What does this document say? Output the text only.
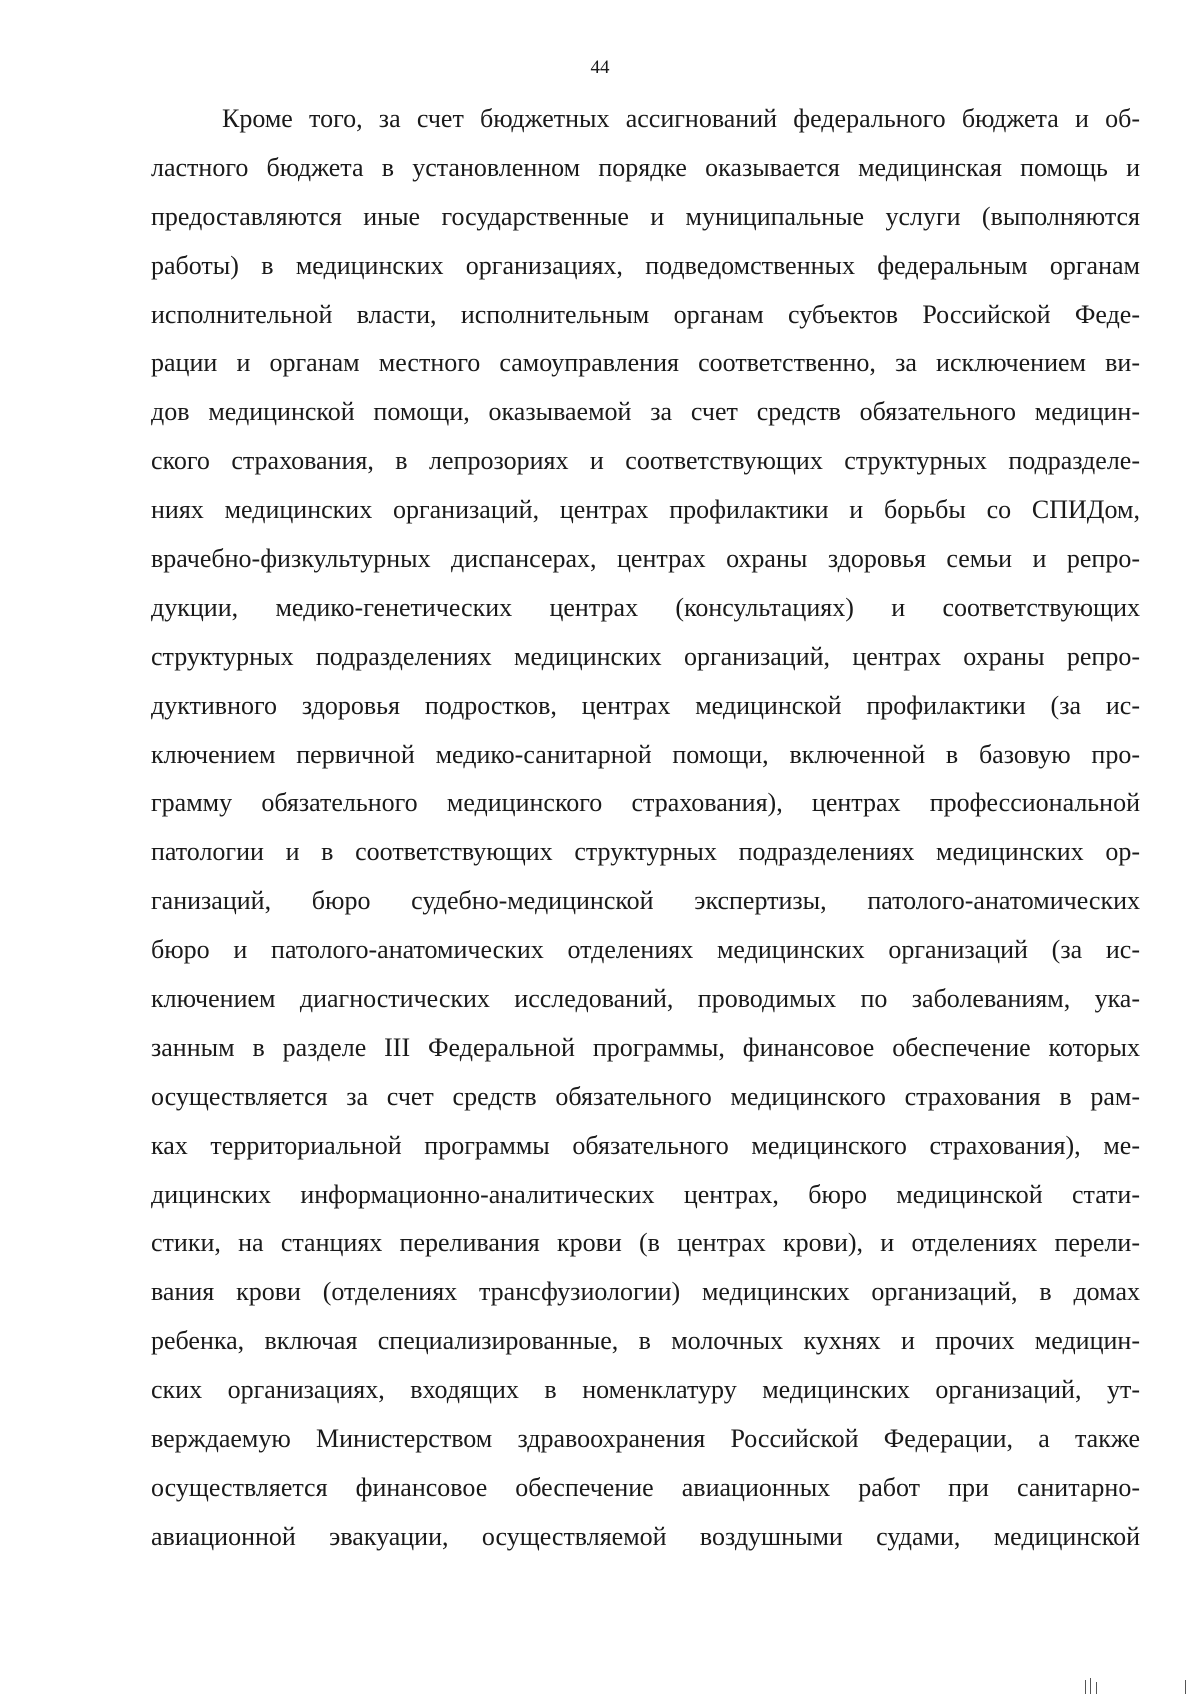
44
Кроме того, за счет бюджетных ассигнований федерального бюджета и об-
ластного бюджета в установленном порядке оказывается медицинская помощь и
предоставляются иные государственные и муниципальные услуги (выполняются
работы) в медицинских организациях, подведомственных федеральным органам
исполнительной власти, исполнительным органам субъектов Российской Феде-
рации и органам местного самоуправления соответственно, за исключением ви-
дов медицинской помощи, оказываемой за счет средств обязательного медицин-
ского страхования, в лепрозориях и соответствующих структурных подразделе-
ниях медицинских организаций, центрах профилактики и борьбы со СПИДом,
врачебно-физкультурных диспансерах, центрах охраны здоровья семьи и репро-
дукции, медико-генетических центрах (консультациях) и соответствующих
структурных подразделениях медицинских организаций, центрах охраны репро-
дуктивного здоровья подростков, центрах медицинской профилактики (за ис-
ключением первичной медико-санитарной помощи, включенной в базовую про-
грамму обязательного медицинского страхования), центрах профессиональной
патологии и в соответствующих структурных подразделениях медицинских ор-
ганизаций, бюро судебно-медицинской экспертизы, патолого-анатомических
бюро и патолого-анатомических отделениях медицинских организаций (за ис-
ключением диагностических исследований, проводимых по заболеваниям, ука-
занным в разделе III Федеральной программы, финансовое обеспечение которых
осуществляется за счет средств обязательного медицинского страхования в рам-
ках территориальной программы обязательного медицинского страхования), ме-
дицинских информационно-аналитических центрах, бюро медицинской стати-
стики, на станциях переливания крови (в центрах крови), и отделениях перели-
вания крови (отделениях трансфузиологии) медицинских организаций, в домах
ребенка, включая специализированные, в молочных кухнях и прочих медицин-
ских организациях, входящих в номенклатуру медицинских организаций, ут-
верждаемую Министерством здравоохранения Российской Федерации, а также
осуществляется финансовое обеспечение авиационных работ при санитарно-
авиационной эвакуации, осуществляемой воздушными судами, медицинской
